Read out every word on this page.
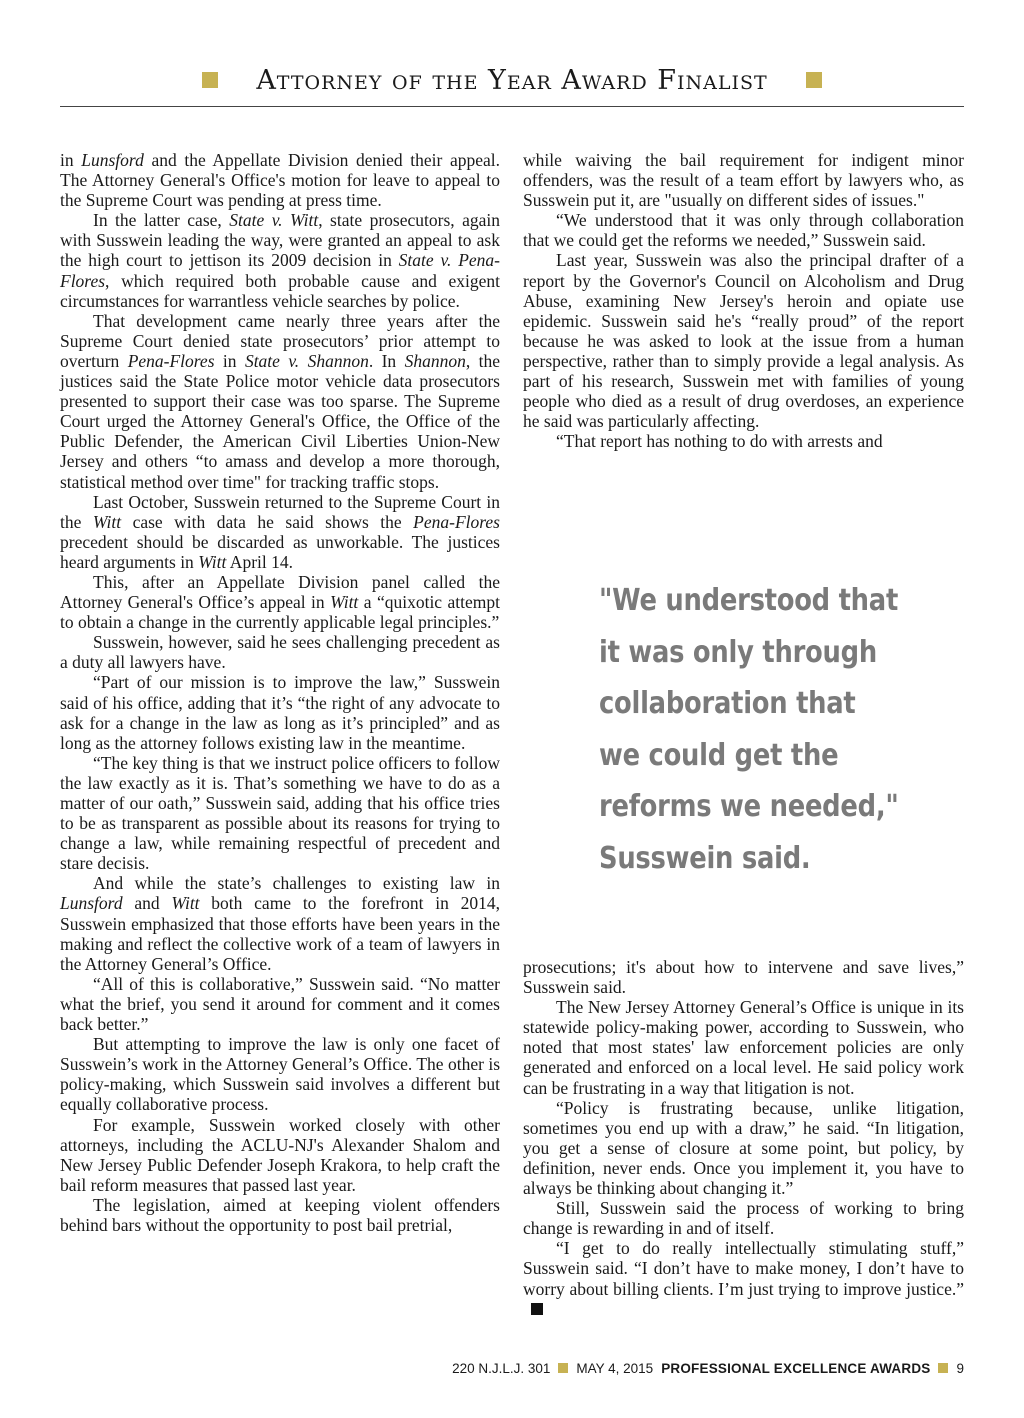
Attorney of the Year Award Finalist

in Lunsford and the Appellate Division denied their appeal. The Attorney General's Office's motion for leave to appeal to the Supreme Court was pending at press time.

In the latter case, State v. Witt, state prosecutors, again with Susswein leading the way, were granted an appeal to ask the high court to jettison its 2009 decision in State v. Pena-Flores, which required both probable cause and exigent circumstances for warrantless vehicle searches by police.

That development came nearly three years after the Supreme Court denied state prosecutors’ prior attempt to overturn Pena-Flores in State v. Shannon. In Shannon, the justices said the State Police motor vehicle data prosecutors presented to support their case was too sparse. The Supreme Court urged the Attorney General's Office, the Office of the Public Defender, the American Civil Liberties Union-New Jersey and others “to amass and develop a more thorough, statistical method over time" for tracking traffic stops.

Last October, Susswein returned to the Supreme Court in the Witt case with data he said shows the Pena-Flores precedent should be discarded as unworkable. The justices heard arguments in Witt April 14.

This, after an Appellate Division panel called the Attorney General's Office’s appeal in Witt a “quixotic attempt to obtain a change in the currently applicable legal principles.”

Susswein, however, said he sees challenging precedent as a duty all lawyers have.

“Part of our mission is to improve the law,” Susswein said of his office, adding that it’s “the right of any advocate to ask for a change in the law as long as it’s principled” and as long as the attorney follows existing law in the meantime.

“The key thing is that we instruct police officers to follow the law exactly as it is. That’s something we have to do as a matter of our oath,” Susswein said, adding that his office tries to be as transparent as possible about its reasons for trying to change a law, while remaining respectful of precedent and stare decisis.

And while the state’s challenges to existing law in Lunsford and Witt both came to the forefront in 2014, Susswein emphasized that those efforts have been years in the making and reflect the collective work of a team of lawyers in the Attorney General’s Office.

“All of this is collaborative,” Susswein said. “No matter what the brief, you send it around for comment and it comes back better.”

But attempting to improve the law is only one facet of Susswein’s work in the Attorney General’s Office. The other is policy-making, which Susswein said involves a different but equally collaborative process.

For example, Susswein worked closely with other attorneys, including the ACLU-NJ's Alexander Shalom and New Jersey Public Defender Joseph Krakora, to help craft the bail reform measures that passed last year.

The legislation, aimed at keeping violent offenders behind bars without the opportunity to post bail pretrial,

while waiving the bail requirement for indigent minor offenders, was the result of a team effort by lawyers who, as Susswein put it, are "usually on different sides of issues."

“We understood that it was only through collaboration that we could get the reforms we needed,” Susswein said.

Last year, Susswein was also the principal drafter of a report by the Governor's Council on Alcoholism and Drug Abuse, examining New Jersey's heroin and opiate use epidemic. Susswein said he's “really proud” of the report because he was asked to look at the issue from a human perspective, rather than to simply provide a legal analysis. As part of his research, Susswein met with families of young people who died as a result of drug overdoses, an experience he said was particularly affecting.

“That report has nothing to do with arrests and

"We understood that
it was only through
collaboration that
we could get the
reforms we needed,"
Susswein said.

prosecutions; it's about how to intervene and save lives,” Susswein said.

The New Jersey Attorney General’s Office is unique in its statewide policy-making power, according to Susswein, who noted that most states' law enforcement policies are only generated and enforced on a local level. He said policy work can be frustrating in a way that litigation is not.

“Policy is frustrating because, unlike litigation, sometimes you end up with a draw,” he said. “In litigation, you get a sense of closure at some point, but policy, by definition, never ends. Once you implement it, you have to always be thinking about changing it.”

Still, Susswein said the process of working to bring change is rewarding in and of itself.

“I get to do really intellectually stimulating stuff,” Susswein said. “I don’t have to make money, I don’t have to worry about billing clients. I’m just trying to improve justice.”

220 N.J.L.J. 301 MAY 4, 2015 PROFESSIONAL EXCELLENCE AWARDS 9
